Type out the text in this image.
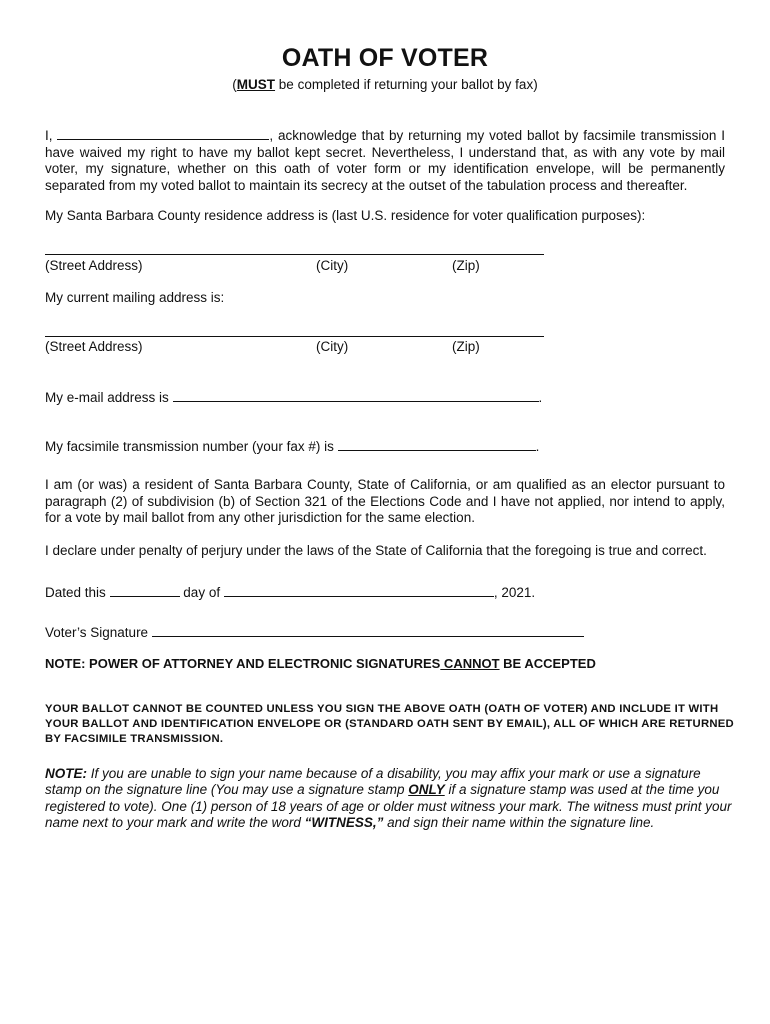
OATH OF VOTER
(MUST be completed if returning your ballot by fax)
I,	, acknowledge that by returning my voted ballot by facsimile transmission I have waived my right to have my ballot kept secret. Nevertheless, I understand that, as with any vote by mail voter, my signature, whether on this oath of voter form or my identification envelope, will be permanently separated from my voted ballot to maintain its secrecy at the outset of the tabulation process and thereafter.
My Santa Barbara County residence address is (last U.S. residence for voter qualification purposes):
(Street Address)	(City)	(Zip)
My current mailing address is:
(Street Address)	(City)	(Zip)
My e-mail address is	.
My facsimile transmission number (your fax #) is	.
I am (or was) a resident of Santa Barbara County, State of California, or am qualified as an elector pursuant to paragraph (2) of subdivision (b) of Section 321 of the Elections Code and I have not applied, nor intend to apply, for a vote by mail ballot from any other jurisdiction for the same election.
I declare under penalty of perjury under the laws of the State of California that the foregoing is true and correct.
Dated this	day of	, 2021.
Voter’s Signature
NOTE: POWER OF ATTORNEY AND ELECTRONIC SIGNATURES CANNOT BE ACCEPTED
YOUR BALLOT CANNOT BE COUNTED UNLESS YOU SIGN THE ABOVE OATH (OATH OF VOTER) AND INCLUDE IT WITH YOUR BALLOT AND IDENTIFICATION ENVELOPE OR (STANDARD OATH SENT BY EMAIL), ALL OF WHICH ARE RETURNED BY FACSIMILE TRANSMISSION.
NOTE: If you are unable to sign your name because of a disability, you may affix your mark or use a signature stamp on the signature line (You may use a signature stamp ONLY if a signature stamp was used at the time you registered to vote). One (1) person of 18 years of age or older must witness your mark. The witness must print your name next to your mark and write the word “WITNESS,” and sign their name within the signature line.
